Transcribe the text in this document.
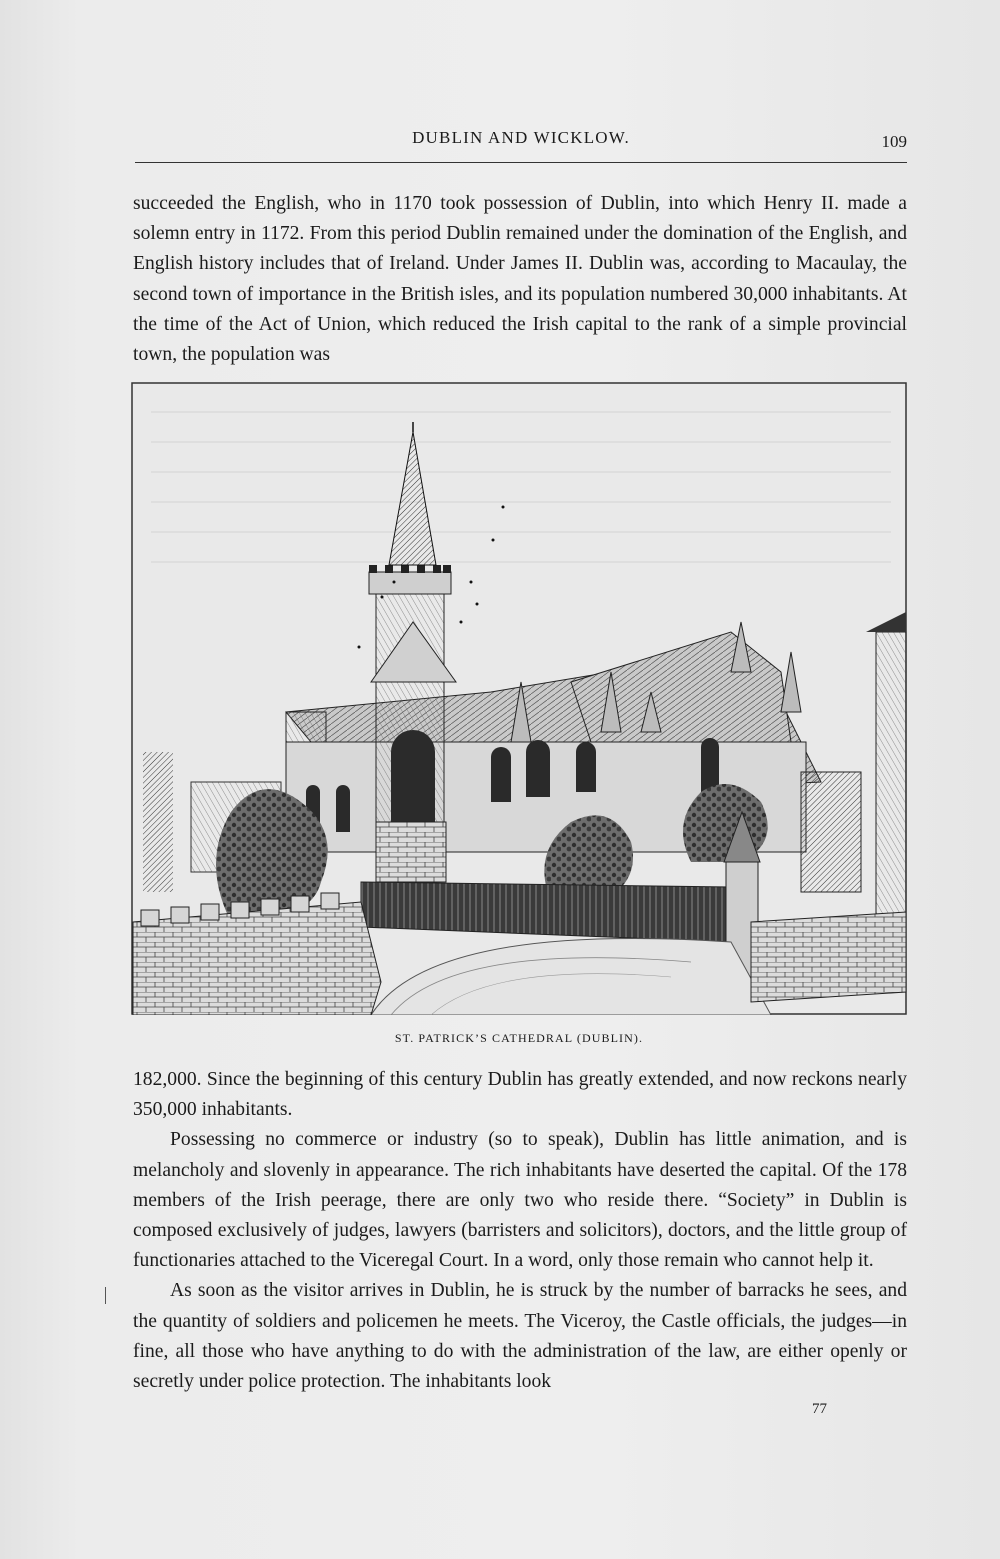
DUBLIN AND WICKLOW.	109

succeeded the English, who in 1170 took possession of Dublin, into which Henry II. made a solemn entry in 1172. From this period Dublin remained under the domination of the English, and English history includes that of Ireland. Under James II. Dublin was, according to Macaulay, the second town of importance in the British isles, and its population numbered 30,000 inhabitants. At the time of the Act of Union, which reduced the Irish capital to the rank of a simple provincial town, the population was

ST. PATRICK’S CATHEDRAL (DUBLIN).

182,000. Since the beginning of this century Dublin has greatly extended, and now reckons nearly 350,000 inhabitants.

Possessing no commerce or industry (so to speak), Dublin has little animation, and is melancholy and slovenly in appearance. The rich inhabitants have deserted the capital. Of the 178 members of the Irish peerage, there are only two who reside there. “Society” in Dublin is composed exclusively of judges, lawyers (barristers and solicitors), doctors, and the little group of functionaries attached to the Viceregal Court. In a word, only those remain who cannot help it.

As soon as the visitor arrives in Dublin, he is struck by the number of barracks he sees, and the quantity of soldiers and policemen he meets. The Viceroy, the Castle officials, the judges—in fine, all those who have anything to do with the administration of the law, are either openly or secretly under police protection. The inhabitants look

77
